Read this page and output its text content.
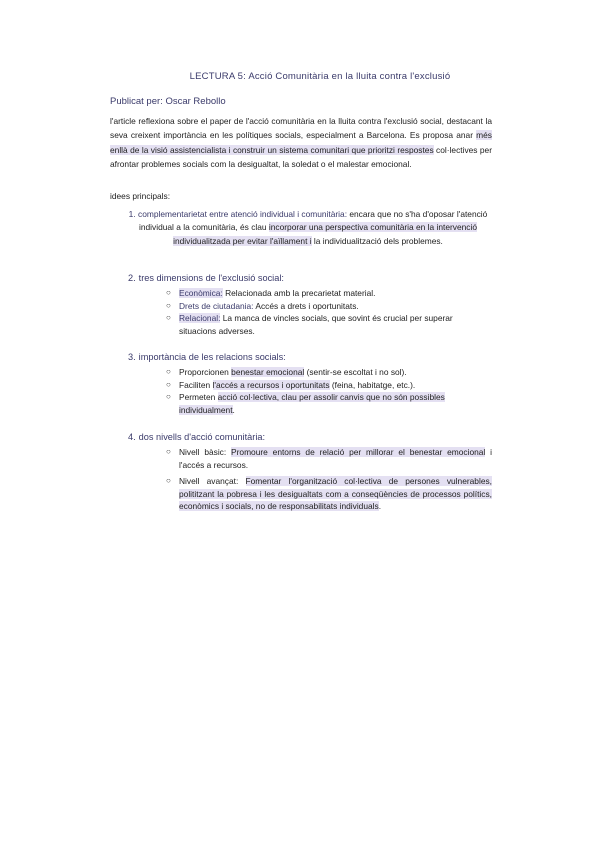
LECTURA 5: Acció Comunitària en la lluita contra l'exclusió
Publicat per: Oscar Rebollo
l'article reflexiona sobre el paper de l'acció comunitària en la lluita contra l'exclusió social, destacant la seva creixent importància en les polítiques socials, especialment a Barcelona. Es proposa anar més enllà de la visió assistencialista i construir un sistema comunitari que prioritzi respostes col·lectives per afrontar problemes socials com la desigualtat, la soledat o el malestar emocional.
idees principals:
1. complementarietat entre atenció individual i comunitària: encara que no s'ha d'oposar l'atenció individual a la comunitària, és clau incorporar una perspectiva comunitària en la intervenció individualitzada per evitar l'aïllament i la individualització dels problemes.
2. tres dimensions de l'exclusió social:
○ Econòmica: Relacionada amb la precarietat material.
○ Drets de ciutadania: Accés a drets i oportunitats.
○ Relacional: La manca de vincles socials, que sovint és crucial per superar situacions adverses.
3. importància de les relacions socials:
○ Proporcionen benestar emocional (sentir-se escoltat i no sol).
○ Faciliten l'accés a recursos i oportunitats (feina, habitatge, etc.).
○ Permeten acció col·lectiva, clau per assolir canvis que no són possibles individualment.
4. dos nivells d'acció comunitària:
○ Nivell bàsic: Promoure entorns de relació per millorar el benestar emocional i l'accés a recursos.
○ Nivell avançat: Fomentar l'organització col·lectiva de persones vulnerables, polititzant la pobresa i les desigualtats com a conseqüències de processos polítics, econòmics i socials, no de responsabilitats individuals.
